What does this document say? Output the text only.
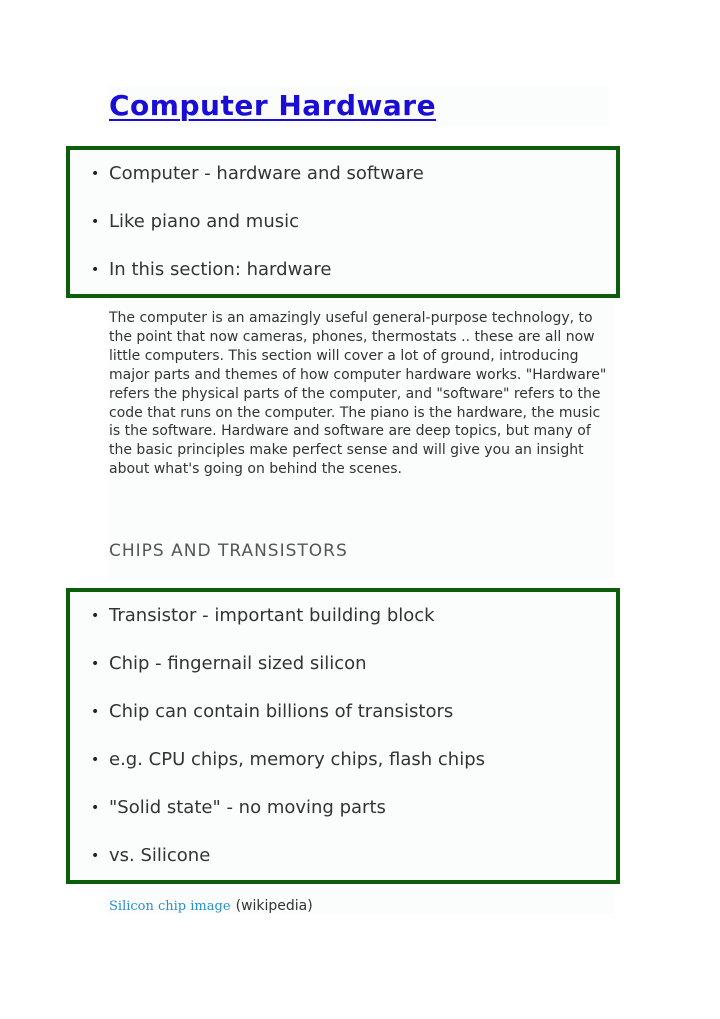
Computer Hardware
• Computer - hardware and software
• Like piano and music
• In this section: hardware

The computer is an amazingly useful general-purpose technology, to the point that now cameras, phones, thermostats .. these are all now little computers. This section will cover a lot of ground, introducing major parts and themes of how computer hardware works. "Hardware" refers the physical parts of the computer, and "software" refers to the code that runs on the computer. The piano is the hardware, the music is the software. Hardware and software are deep topics, but many of the basic principles make perfect sense and will give you an insight about what's going on behind the scenes.

CHIPS AND TRANSISTORS
• Transistor - important building block
• Chip - fingernail sized silicon
• Chip can contain billions of transistors
• e.g. CPU chips, memory chips, flash chips
• "Solid state" - no moving parts
• vs. Silicone
Silicon chip image (wikipedia)
